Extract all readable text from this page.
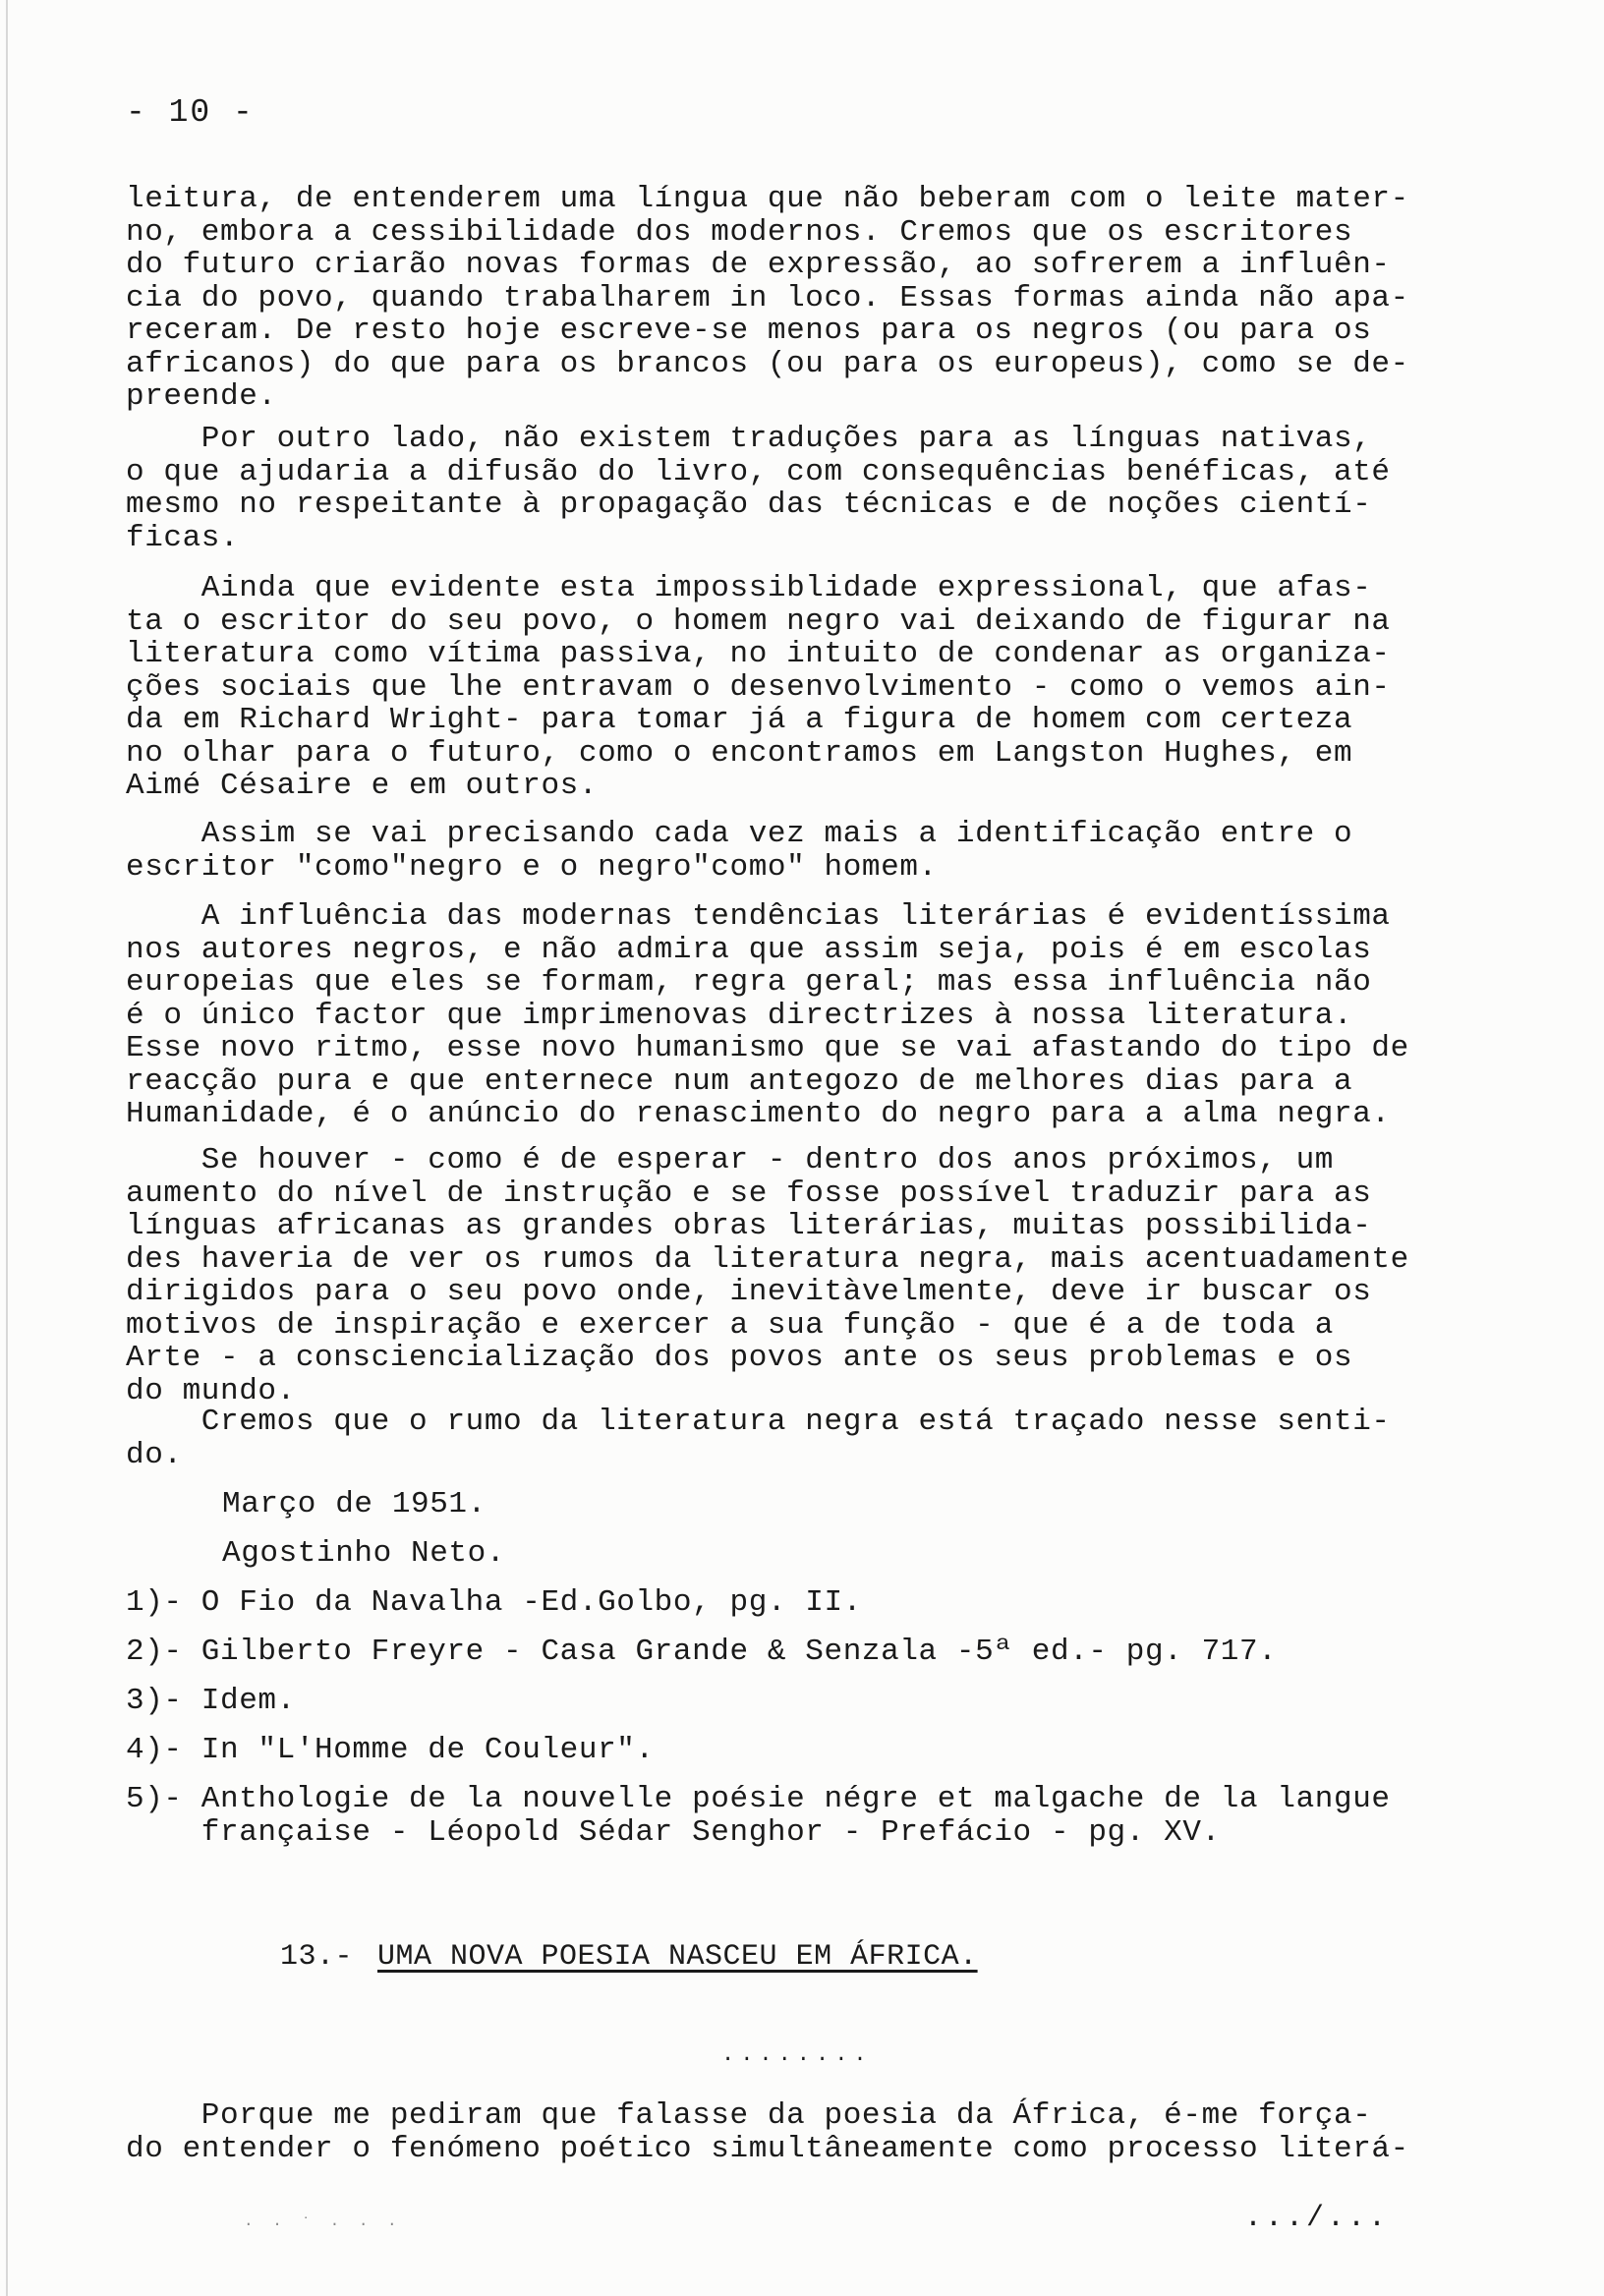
- 10 -

leitura, de entenderem uma língua que não beberam com o leite mater-
no, embora a cessibilidade dos modernos. Cremos que os escritores
do futuro criarão novas formas de expressão, ao sofrerem a influên-
cia do povo, quando trabalharem in loco. Essas formas ainda não apa-
receram. De resto hoje escreve-se menos para os negros (ou para os
africanos) do que para os brancos (ou para os europeus), como se de-
preende.

Por outro lado, não existem traduções para as línguas nativas,
o que ajudaria a difusão do livro, com consequências benéficas, até
mesmo no respeitante à propagação das técnicas e de noções cientí-
ficas.

Ainda que evidente esta impossiblidade expressional, que afas-
ta o escritor do seu povo, o homem negro vai deixando de figurar na
literatura como vítima passiva, no intuito de condenar as organiza-
ções sociais que lhe entravam o desenvolvimento - como o vemos ain-
da em Richard Wright- para tomar já a figura de homem com certeza
no olhar para o futuro, como o encontramos em Langston Hughes, em
Aimé Césaire e em outros.

Assim se vai precisando cada vez mais a identificação entre o
escritor "como"negro e o negro"como" homem.

A influência das modernas tendências literárias é evidentíssima
nos autores negros, e não admira que assim seja, pois é em escolas
europeias que eles se formam, regra geral; mas essa influência não
é o único factor que imprimenovas directrizes à nossa literatura.
Esse novo ritmo, esse novo humanismo que se vai afastando do tipo de
reacção pura e que enternece num antegozo de melhores dias para a
Humanidade, é o anúncio do renascimento do negro para a alma negra.

Se houver - como é de esperar - dentro dos anos próximos, um
aumento do nível de instrução e se fosse possível traduzir para as
línguas africanas as grandes obras literárias, muitas possibilida-
des haveria de ver os rumos da literatura negra, mais acentuadamente
dirigidos para o seu povo onde, inevitàvelmente, deve ir buscar os
motivos de inspiração e exercer a sua função - que é a de toda a
Arte - a consciencialização dos povos ante os seus problemas e os
do mundo.

Cremos que o rumo da literatura negra está traçado nesse senti-
do.

Março de 1951.

Agostinho Neto.

1)- O Fio da Navalha -Ed.Golbo, pg. II.

2)- Gilberto Freyre - Casa Grande & Senzala -5ª ed.- pg. 717.

3)- Idem.

4)- In "L'Homme de Couleur".

5)- Anthologie de la nouvelle poésie négre et malgache de la langue
française - Léopold Sédar Senghor - Prefácio - pg. XV.

13.- UMA NOVA POESIA NASCEU EM ÁFRICA.
........

Porque me pediram que falasse da poesia da África, é-me força-
do entender o fenómeno poético simultâneamente como processo literá-

· · ˙ · · ·	.../...
